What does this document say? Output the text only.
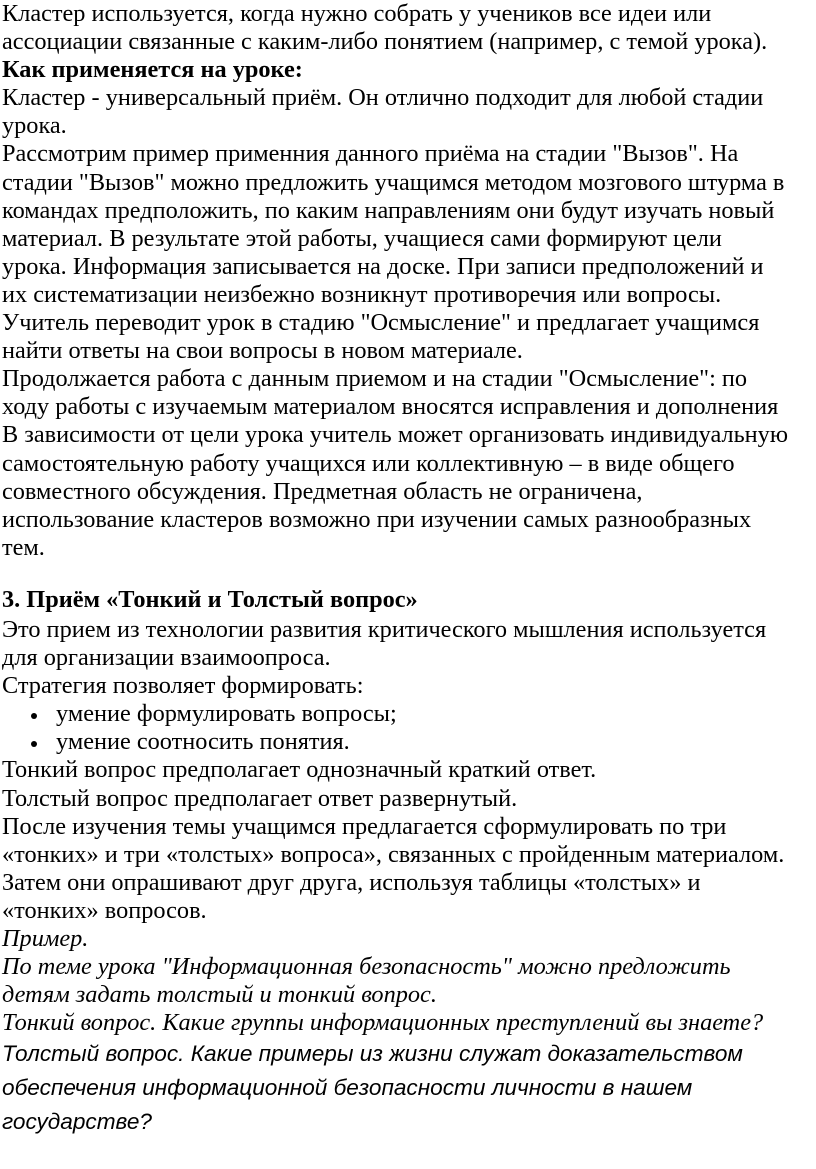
Кластер используется, когда нужно собрать у учеников все идеи или

ассоциации связанные с каким-либо понятием (например, с темой урока).

Как применяется на уроке:

Кластер - универсальный приём. Он отлично подходит для любой стадии

урока.

Рассмотрим пример применния данного приёма на стадии "Вызов". На

стадии "Вызов" можно предложить учащимся методом мозгового штурма в

командах предположить, по каким направлениям они будут изучать новый

материал. В результате этой работы, учащиеся сами формируют цели

урока. Информация записывается на доске. При записи предположений и

их систематизации неизбежно возникнут противоречия или вопросы.

Учитель переводит урок в стадию "Осмысление" и предлагает учащимся

найти ответы на свои вопросы в новом материале.

Продолжается работа с данным приемом и на стадии "Осмысление": по

ходу работы с изучаемым материалом вносятся исправления и дополнения

В зависимости от цели урока учитель может организовать индивидуальную

самостоятельную работу учащихся или коллективную – в виде общего

совместного обсуждения. Предметная область не ограничена,

использование кластеров возможно при изучении самых разнообразных

тем.

3. Приём «Тонкий и Толстый вопрос»

Это прием из технологии развития критического мышления используется

для организации взаимоопроса.

Стратегия позволяет формировать:

умение формулировать вопросы;
умение соотносить понятия.

Тонкий вопрос предполагает однозначный краткий ответ.

Толстый вопрос предполагает ответ развернутый.

После изучения темы учащимся предлагается сформулировать по три

«тонких» и три «толстых» вопроса», связанных с пройденным материалом.

Затем они опрашивают друг друга, используя таблицы «толстых» и

«тонких» вопросов.

Пример.

По теме урока "Информационная безопасность" можно предложить

детям задать толстый и тонкий вопрос.

Тонкий вопрос. Какие группы информационных преступлений вы знаете?

Толстый вопрос. Какие примеры из жизни служат доказательством

обеспечения информационной безопасности личности в нашем

государстве?
